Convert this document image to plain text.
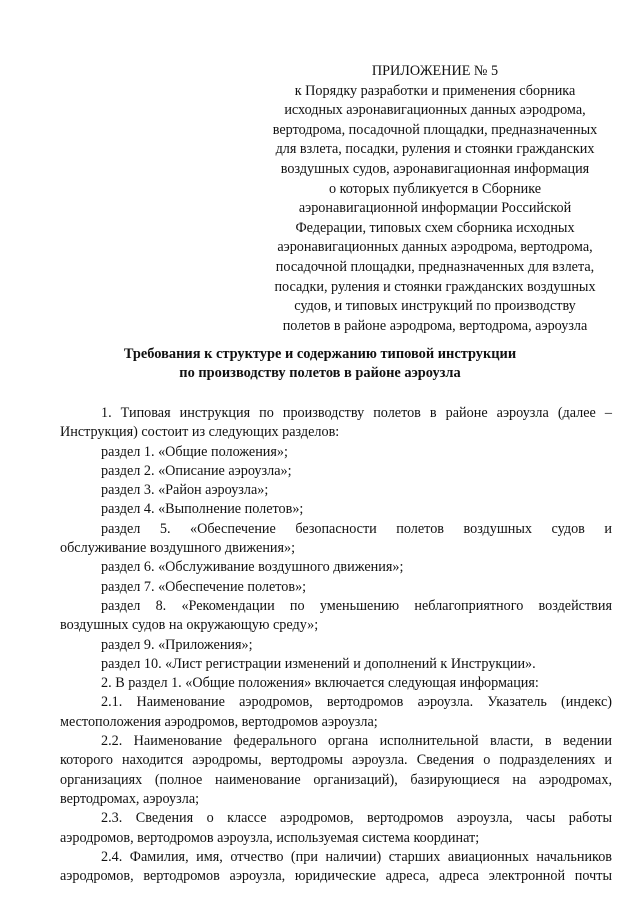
ПРИЛОЖЕНИЕ № 5
к Порядку разработки и применения сборника
исходных аэронавигационных данных аэродрома,
вертодрома, посадочной площадки, предназначенных
для взлета, посадки, руления и стоянки гражданских
воздушных судов, аэронавигационная информация
о которых публикуется в Сборнике
аэронавигационной информации Российской
Федерации, типовых схем сборника исходных
аэронавигационных данных аэродрома, вертодрома,
посадочной площадки, предназначенных для взлета,
посадки, руления и стоянки гражданских воздушных
судов, и типовых инструкций по производству
полетов в районе аэродрома, вертодрома, аэроузла
Требования к структуре и содержанию типовой инструкции
по производству полетов в районе аэроузла
1. Типовая инструкция по производству полетов в районе аэроузла (далее –
Инструкция) состоит из следующих разделов:
раздел 1. «Общие положения»;
раздел 2. «Описание аэроузла»;
раздел 3. «Район аэроузла»;
раздел 4. «Выполнение полетов»;
раздел 5. «Обеспечение безопасности полетов воздушных судов и
обслуживание воздушного движения»;
раздел 6. «Обслуживание воздушного движения»;
раздел 7. «Обеспечение полетов»;
раздел 8. «Рекомендации по уменьшению неблагоприятного воздействия
воздушных судов на окружающую среду»;
раздел 9. «Приложения»;
раздел 10. «Лист регистрации изменений и дополнений к Инструкции».
2. В раздел 1. «Общие положения» включается следующая информация:
2.1. Наименование аэродромов, вертодромов аэроузла. Указатель (индекс)
местоположения аэродромов, вертодромов аэроузла;
2.2. Наименование федерального органа исполнительной власти, в ведении
которого находится аэродромы, вертодромы аэроузла. Сведения о подразделениях и
организациях (полное наименование организаций), базирующиеся на аэродромах,
вертодромах, аэроузла;
2.3. Сведения о классе аэродромов, вертодромов аэроузла, часы работы
аэродромов, вертодромов аэроузла, используемая система координат;
2.4. Фамилия, имя, отчество (при наличии) старших авиационных начальников
аэродромов, вертодромов аэроузла, юридические адреса, адреса электронной почты
